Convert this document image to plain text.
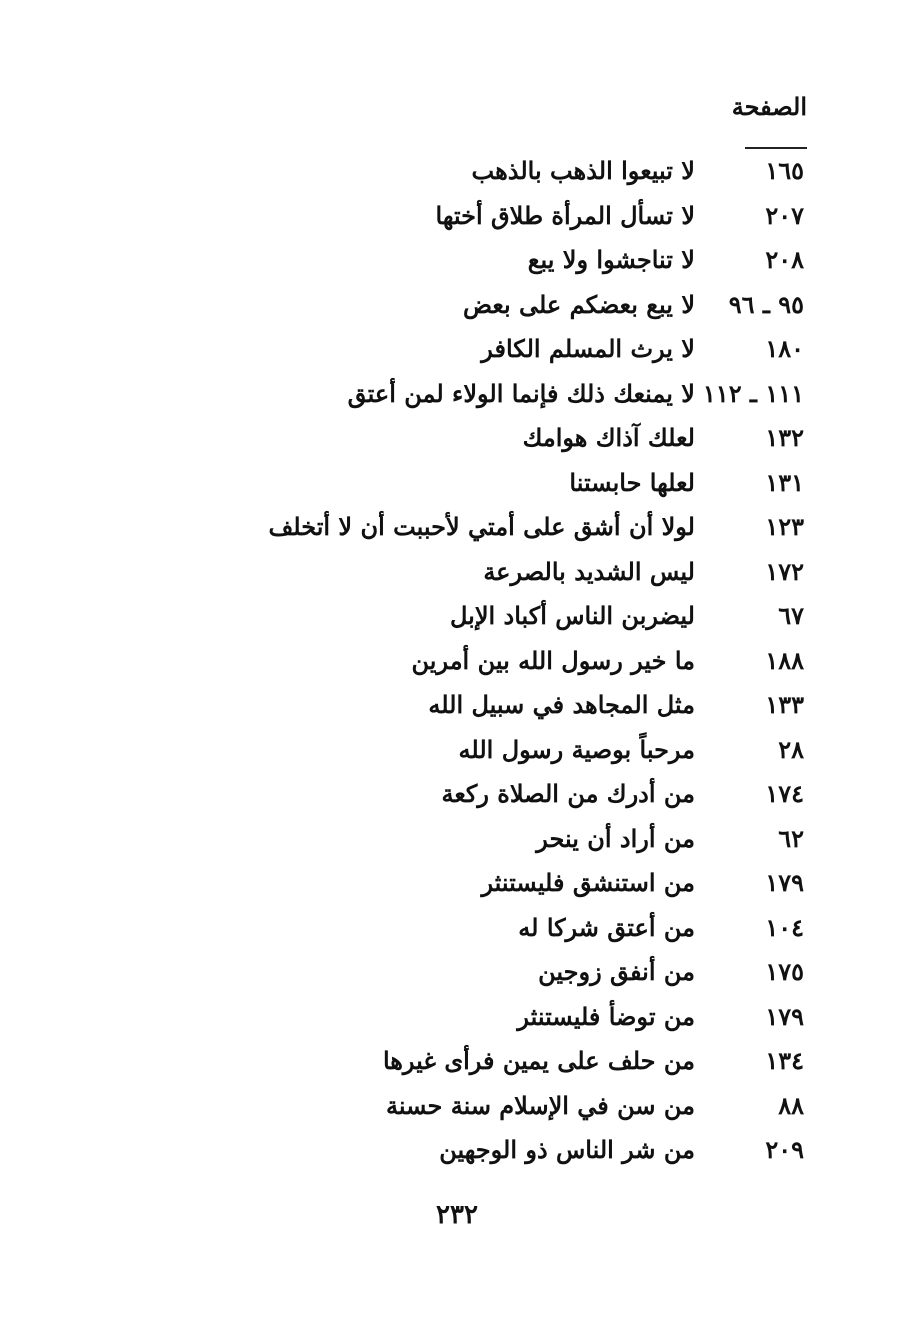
الصفحة
١٦٥
لا تبيعوا الذهب بالذهب
٢٠٧
لا تسأل المرأة طلاق أختها
٢٠٨
لا تناجشوا ولا يبع
٩٥ ـ ٩٦
لا يبع بعضكم على بعض
١٨٠
لا يرث المسلم الكافر
١١١ ـ ١١٢
لا يمنعك ذلك فإنما الولاء لمن أعتق
١٣٢
لعلك آذاك هوامك
١٣١
لعلها حابستنا
١٢٣
لولا أن أشق على أمتي لأحببت أن لا أتخلف
١٧٢
ليس الشديد بالصرعة
٦٧
ليضربن الناس أكباد الإبل
١٨٨
ما خير رسول الله بين أمرين
١٣٣
مثل المجاهد في سبيل الله
٢٨
مرحباً بوصية رسول الله
١٧٤
من أدرك من الصلاة ركعة
٦٢
من أراد أن ينحر
١٧٩
من استنشق فليستنثر
١٠٤
من أعتق شركا له
١٧٥
من أنفق زوجين
١٧٩
من توضأ فليستنثر
١٣٤
من حلف على يمين فرأى غيرها
٨٨
من سن في الإسلام سنة حسنة
٢٠٩
من شر الناس ذو الوجهين
٢٣٢
